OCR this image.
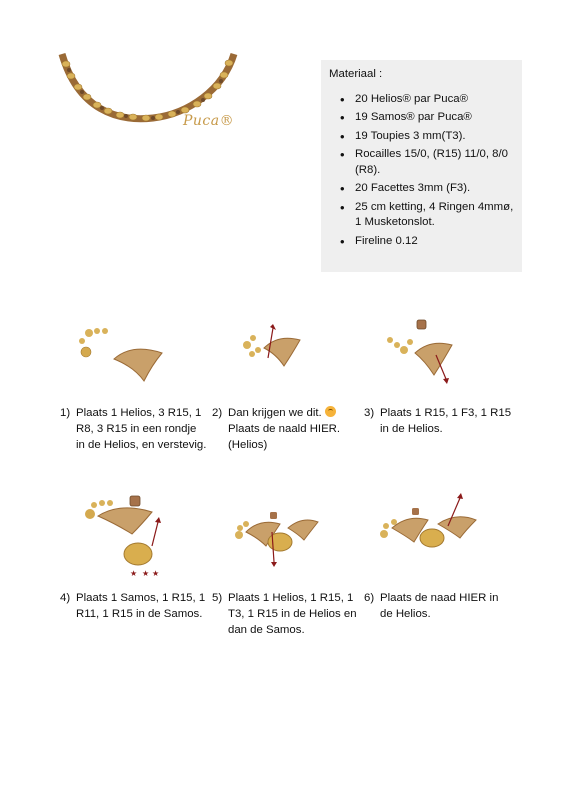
Puca®
Materiaal :
• 20 Helios® par Puca®
• 19 Samos® par Puca®
• 19 Toupies 3 mm(T3).
• Rocailles 15/0, (R15) 11/0, 8/0 (R8).
• 20 Facettes 3mm (F3).
• 25 cm ketting, 4 Ringen 4mmø, 1 Musketonslot.
• Fireline 0.12
1) Plaats 1 Helios, 3 R15, 1 R8, 3 R15 in een rondje in de Helios, en verstevig.
2) Dan krijgen we dit.  Plaats de naald HIER. (Helios)
3) Plaats 1 R15, 1 F3, 1 R15 in de Helios.
★ ★ ★
4) Plaats 1 Samos, 1 R15, 1 R11, 1 R15 in de Samos.
5) Plaats 1 Helios, 1 R15, 1 T3, 1 R15 in de Helios en dan de Samos.
6) Plaats de naad HIER in de Helios.
